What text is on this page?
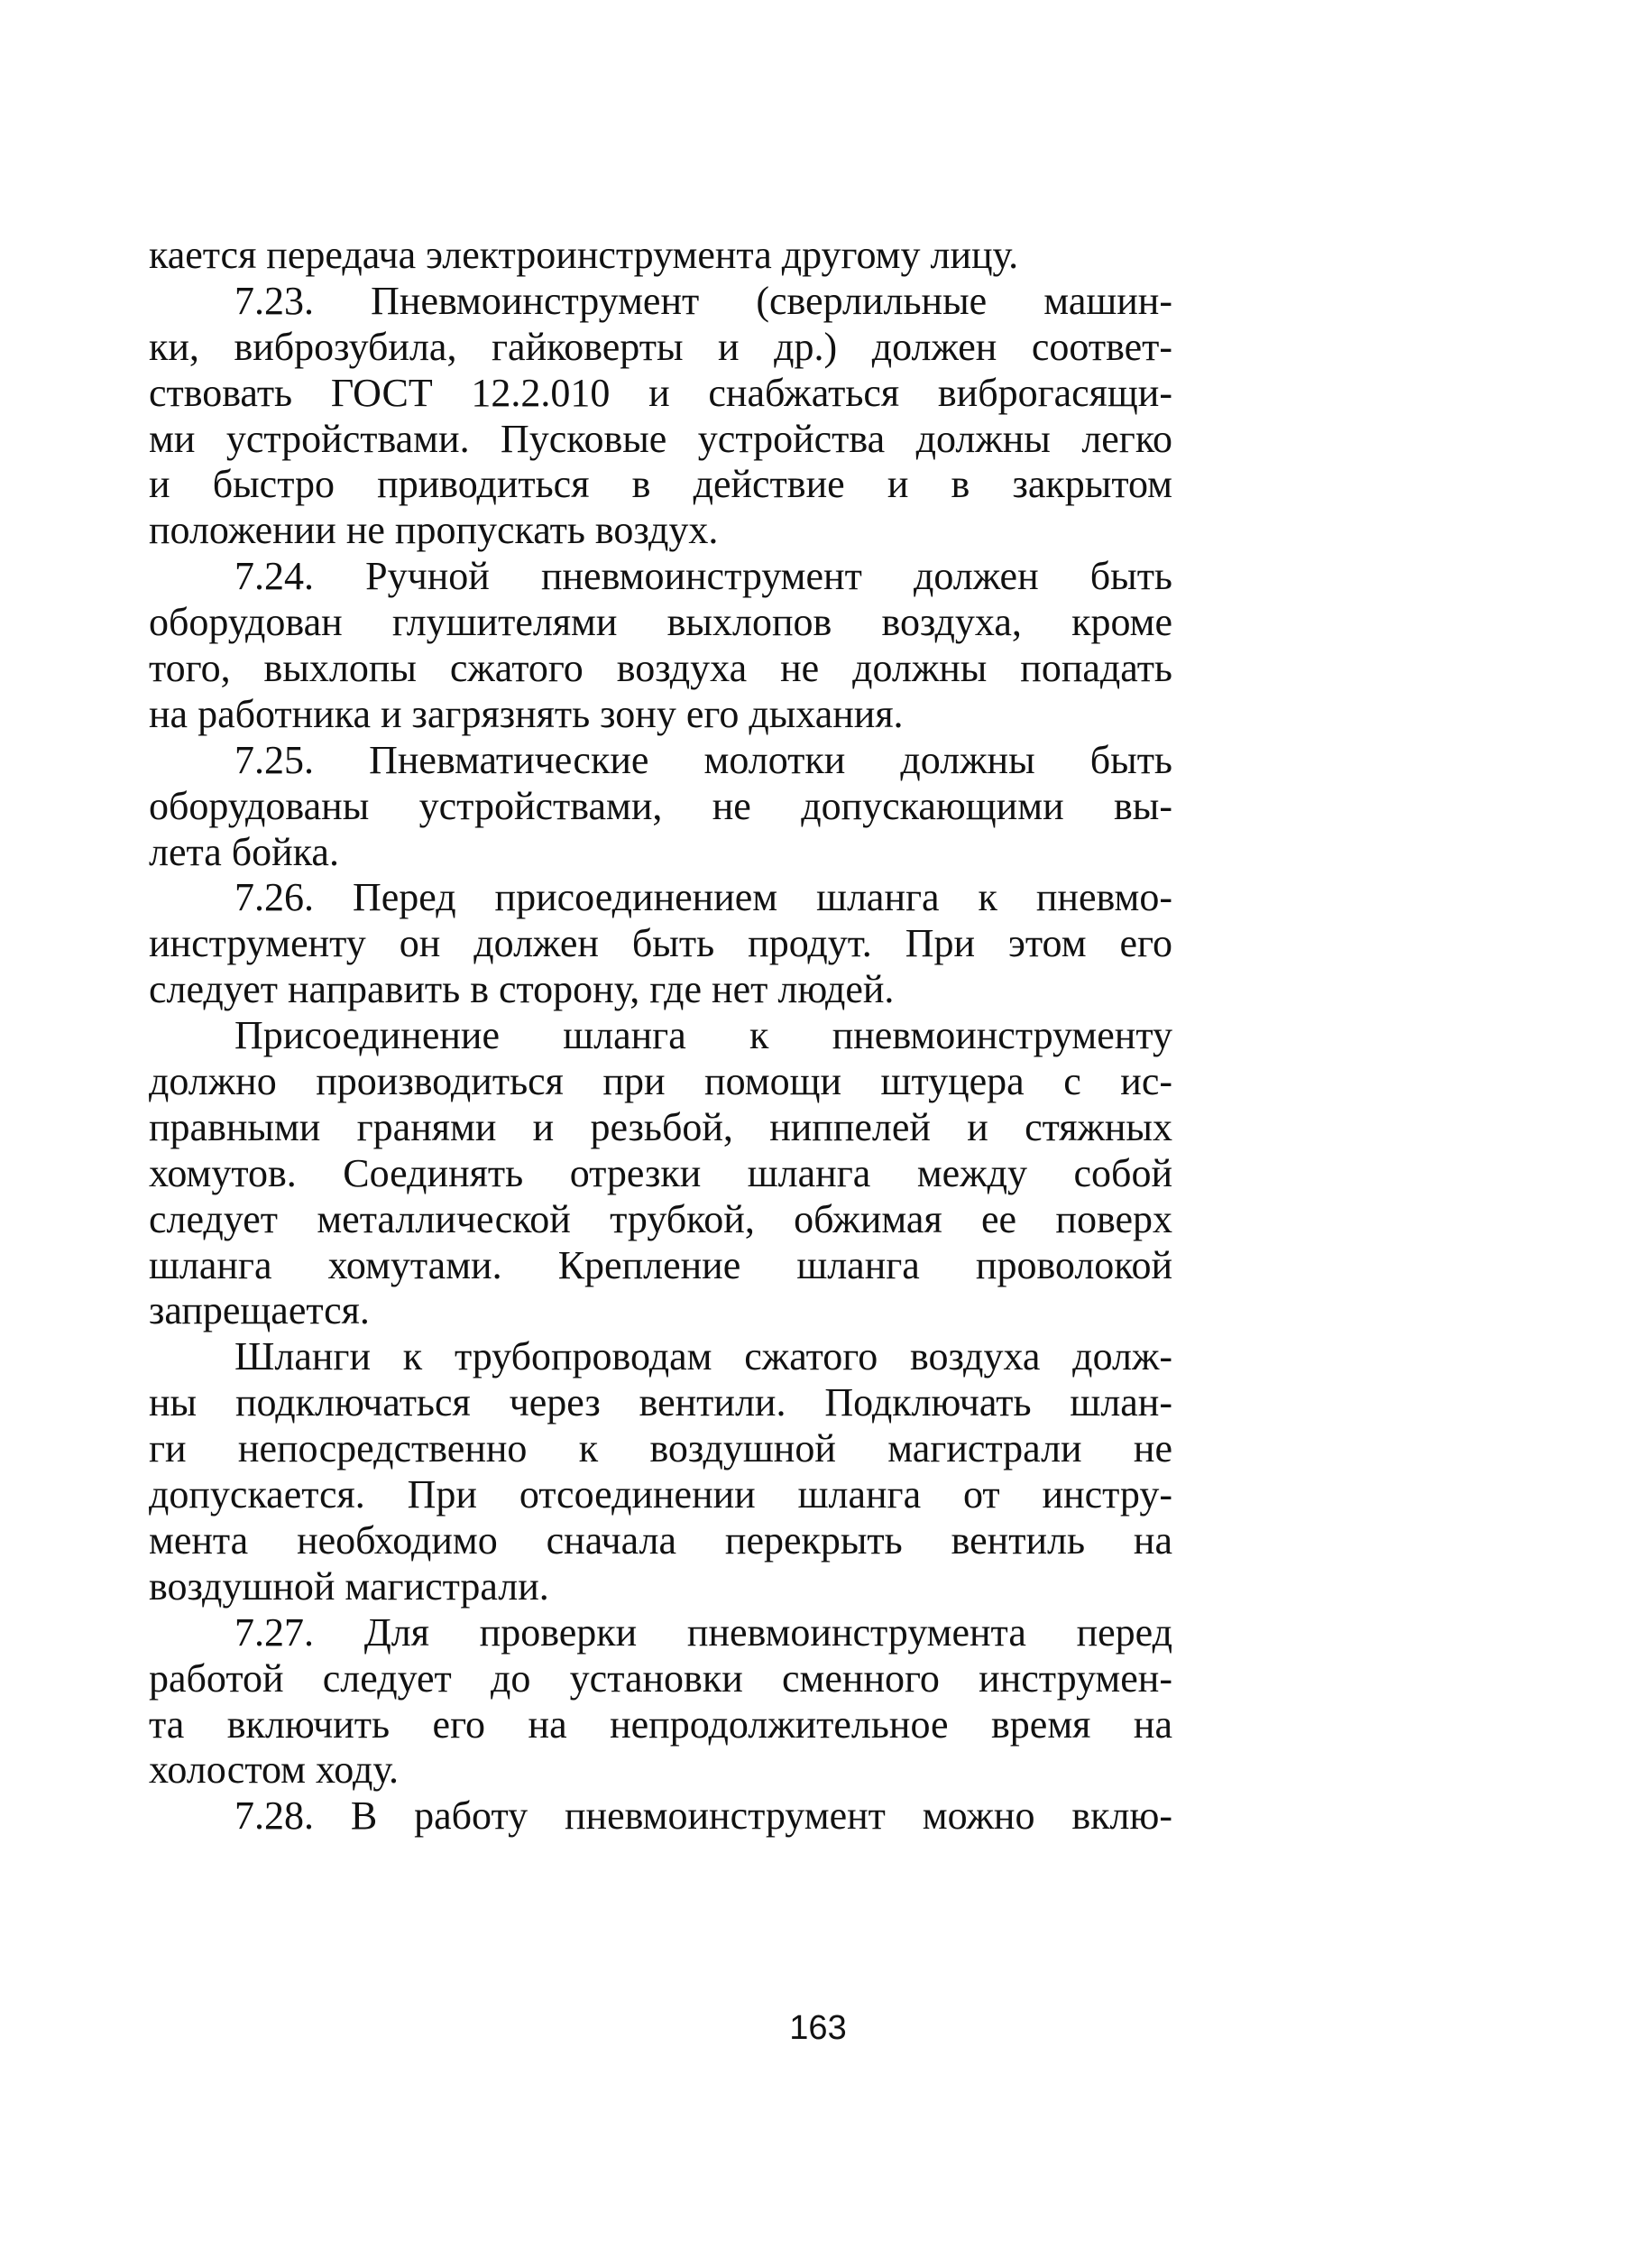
кается передача электроинструмента другому лицу.
7.23. Пневмоинструмент (сверлильные машин-
ки, виброзубила, гайковерты и др.) должен соответ-
ствовать ГОСТ 12.2.010 и снабжаться виброгасящи-
ми устройствами. Пусковые устройства должны легко
и быстро приводиться в действие и в закрытом
положении не пропускать воздух.
7.24. Ручной пневмоинструмент должен быть
оборудован глушителями выхлопов воздуха, кроме
того, выхлопы сжатого воздуха не должны попадать
на работника и загрязнять зону его дыхания.
7.25. Пневматические молотки должны быть
оборудованы устройствами, не допускающими вы-
лета бойка.
7.26. Перед присоединением шланга к пневмо-
инструменту он должен быть продут. При этом его
следует направить в сторону, где нет людей.
Присоединение шланга к пневмоинструменту
должно производиться при помощи штуцера с ис-
правными гранями и резьбой, ниппелей и стяжных
хомутов. Соединять отрезки шланга между собой
следует металлической трубкой, обжимая ее поверх
шланга хомутами. Крепление шланга проволокой
запрещается.
Шланги к трубопроводам сжатого воздуха долж-
ны подключаться через вентили. Подключать шлан-
ги непосредственно к воздушной магистрали не
допускается. При отсоединении шланга от инстру-
мента необходимо сначала перекрыть вентиль на
воздушной магистрали.
7.27. Для проверки пневмоинструмента перед
работой следует до установки сменного инструмен-
та включить его на непродолжительное время на
холостом ходу.
7.28. В работу пневмоинструмент можно вклю-
163
